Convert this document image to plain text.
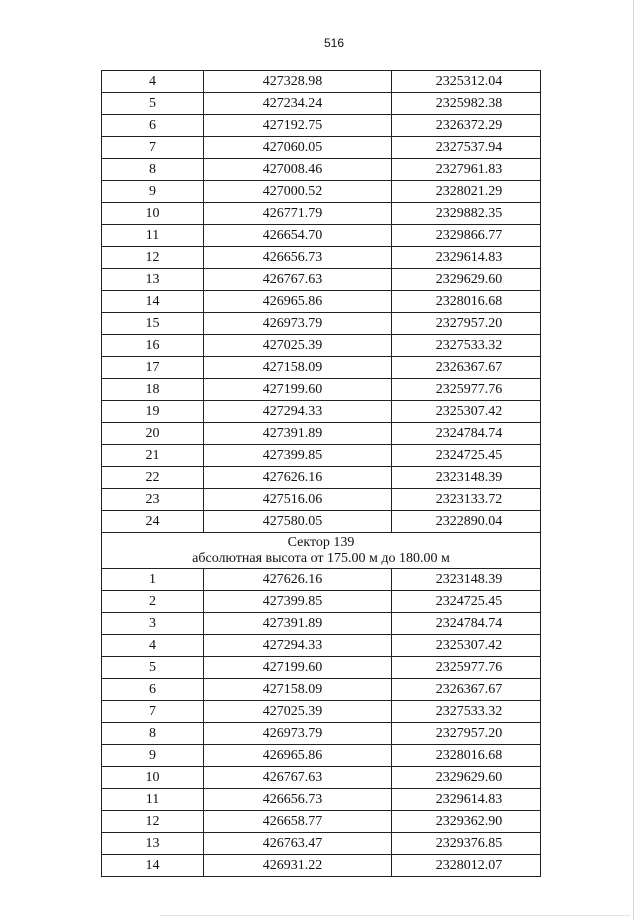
516
4	427328.98	2325312.04
5	427234.24	2325982.38
6	427192.75	2326372.29
7	427060.05	2327537.94
8	427008.46	2327961.83
9	427000.52	2328021.29
10	426771.79	2329882.35
11	426654.70	2329866.77
12	426656.73	2329614.83
13	426767.63	2329629.60
14	426965.86	2328016.68
15	426973.79	2327957.20
16	427025.39	2327533.32
17	427158.09	2326367.67
18	427199.60	2325977.76
19	427294.33	2325307.42
20	427391.89	2324784.74
21	427399.85	2324725.45
22	427626.16	2323148.39
23	427516.06	2323133.72
24	427580.05	2322890.04

Сектор 139
абсолютная высота от 175.00 м до 180.00 м		

1	427626.16	2323148.39
2	427399.85	2324725.45
3	427391.89	2324784.74
4	427294.33	2325307.42
5	427199.60	2325977.76
6	427158.09	2326367.67
7	427025.39	2327533.32
8	426973.79	2327957.20
9	426965.86	2328016.68
10	426767.63	2329629.60
11	426656.73	2329614.83
12	426658.77	2329362.90
13	426763.47	2329376.85
14	426931.22	2328012.07
